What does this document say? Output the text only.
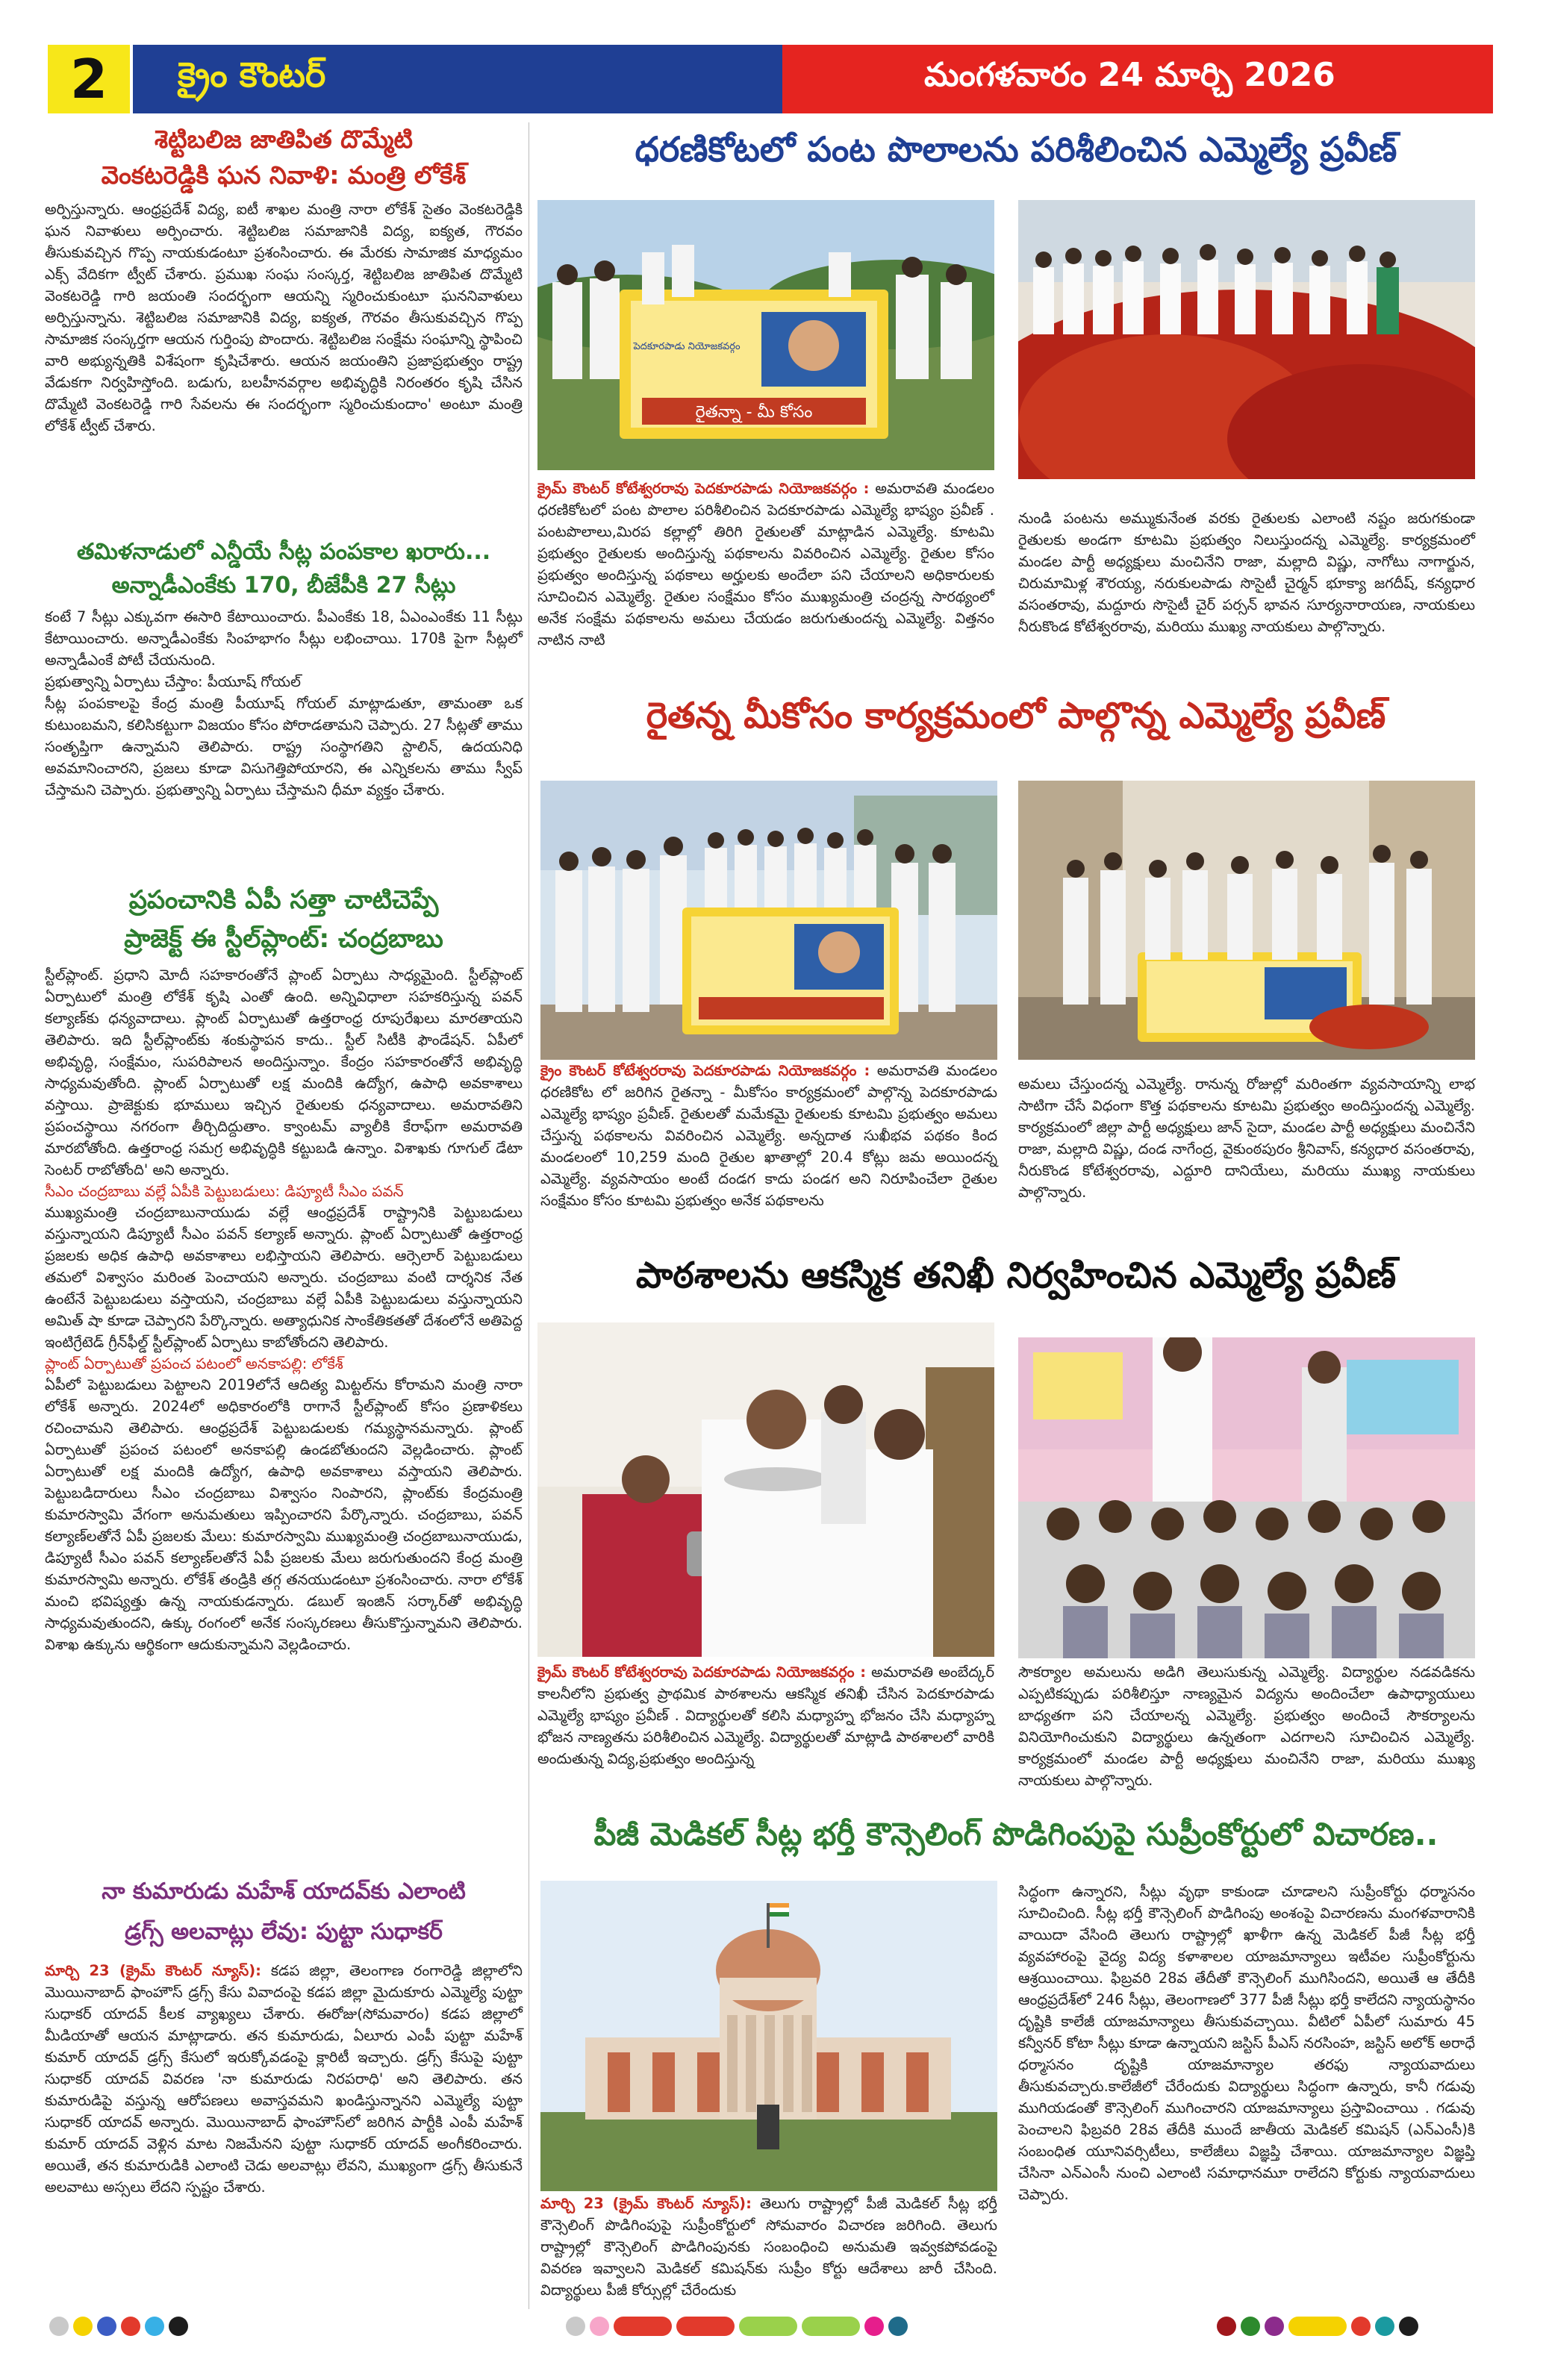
2	క్రైం కౌంటర్	మంగళవారం 24 మార్చి 2026
శెట్టిబలిజ జాతిపిత దొమ్మేటి
వెంకటరెడ్డికి ఘన నివాళి: మంత్రి లోకేశ్
అర్పిస్తున్నారు. ఆంధ్రప్రదేశ్ విద్య, ఐటీ శాఖల మంత్రి నారా లోకేశ్ సైతం వెంకటరెడ్డికి ఘన నివాళులు అర్పించారు. శెట్టిబలిజ సమాజానికి విద్య, ఐక్యత, గౌరవం తీసుకువచ్చిన గొప్ప నాయకుడంటూ ప్రశంసించారు. ఈ మేరకు సామాజిక మాధ్యమం ఎక్స్ వేదికగా ట్వీట్ చేశారు. ప్రముఖ సంఘ సంస్కర్త, శెట్టిబలిజ జాతిపిత దొమ్మేటి వెంకటరెడ్డి గారి జయంతి సందర్భంగా ఆయన్ని స్మరించుకుంటూ ఘననివాళులు అర్పిస్తున్నాను. శెట్టిబలిజ సమాజానికి విద్య, ఐక్యత, గౌరవం తీసుకువచ్చిన గొప్ప సామాజిక సంస్కర్తగా ఆయన గుర్తింపు పొందారు. శెట్టిబలిజ సంక్షేమ సంఘాన్ని స్థాపించి వారి అభ్యున్నతికి విశేషంగా కృషిచేశారు. ఆయన జయంతిని ప్రజాప్రభుత్వం రాష్ట్ర వేడుకగా నిర్వహిస్తోంది. బడుగు, బలహీనవర్గాల అభివృద్ధికి నిరంతరం కృషి చేసిన దొమ్మేటి వెంకటరెడ్డి గారి సేవలను ఈ సందర్భంగా స్మరించుకుందాం' అంటూ మంత్రి లోకేశ్ ట్వీట్ చేశారు.
తమిళనాడులో ఎన్డీయే సీట్ల పంపకాల ఖరారు...
అన్నాడీఎంకేకు 170, బీజేపీకి 27 సీట్లు
కంటే 7 సీట్లు ఎక్కువగా ఈసారి కేటాయించారు. పీఎంకేకు 18, ఏఎంఎంకేకు 11 సీట్లు కేటాయించారు. అన్నాడీఎంకేకు సింహభాగం సీట్లు లభించాయి. 170కి పైగా సీట్లలో అన్నాడీఎంకే పోటీ చేయనుంది.
ప్రభుత్వాన్ని ఏర్పాటు చేస్తాం: పీయూష్ గోయల్
సీట్ల పంపకాలపై కేంద్ర మంత్రి పీయూష్ గోయల్ మాట్లాడుతూ, తామంతా ఒక కుటుంబమని, కలిసికట్టుగా విజయం కోసం పోరాడతామని చెప్పారు. 27 సీట్లతో తాము సంతృప్తిగా ఉన్నామని తెలిపారు. రాష్ట్ర సంస్థాగతిని స్టాలిన్, ఉదయనిధి అవమానించారని, ప్రజలు కూడా విసుగెత్తిపోయారని, ఈ ఎన్నికలను తాము స్వీప్ చేస్తామని చెప్పారు. ప్రభుత్వాన్ని ఏర్పాటు చేస్తామని ధీమా వ్యక్తం చేశారు.
ప్రపంచానికి ఏపీ సత్తా చాటిచెప్పే
ప్రాజెక్ట్ ఈ స్టీల్‌ప్లాంట్: చంద్రబాబు
స్టీల్‌ప్లాంట్. ప్రధాని మోదీ సహకారంతోనే ప్లాంట్ ఏర్పాటు సాధ్యమైంది. స్టీల్‌ప్లాంట్ ఏర్పాటులో మంత్రి లోకేశ్ కృషి ఎంతో ఉంది. అన్నివిధాలా సహకరిస్తున్న పవన్ కల్యాణ్‌కు ధన్యవాదాలు. ప్లాంట్ ఏర్పాటుతో ఉత్తరాంధ్ర రూపురేఖలు మారతాయని తెలిపారు. ఇది స్టీల్‌ప్లాంట్‌కు శంకుస్థాపన కాదు.. స్టీల్ సిటీకి ఫౌండేషన్. ఏపీలో అభివృద్ధి, సంక్షేమం, సుపరిపాలన అందిస్తున్నాం. కేంద్రం సహకారంతోనే అభివృద్ధి సాధ్యమవుతోంది. ప్లాంట్ ఏర్పాటుతో లక్ష మందికి ఉద్యోగ, ఉపాధి అవకాశాలు వస్తాయి. ప్రాజెక్టుకు భూములు ఇచ్చిన రైతులకు ధన్యవాదాలు. అమరావతిని ప్రపంచస్థాయి నగరంగా తీర్చిదిద్దుతాం. క్వాంటమ్ వ్యాలీకి కేరాఫ్‌గా అమరావతి మారబోతోంది. ఉత్తరాంధ్ర సమగ్ర అభివృద్ధికి కట్టుబడి ఉన్నాం. విశాఖకు గూగుల్ డేటా సెంటర్ రాబోతోంది' అని అన్నారు.
సీఎం చంద్రబాబు వల్లే ఏపీకి పెట్టుబడులు: డిప్యూటీ సీఎం పవన్
ముఖ్యమంత్రి చంద్రబాబునాయుడు వల్లే ఆంధ్రప్రదేశ్ రాష్ట్రానికి పెట్టుబడులు వస్తున్నాయని డిప్యూటీ సీఎం పవన్ కల్యాణ్ అన్నారు. ప్లాంట్ ఏర్పాటుతో ఉత్తరాంధ్ర ప్రజలకు అధిక ఉపాధి అవకాశాలు లభిస్తాయని తెలిపారు. ఆర్సెలార్ పెట్టుబడులు తమలో విశ్వాసం మరింత పెంచాయని అన్నారు. చంద్రబాబు వంటి దార్శనిక నేత ఉంటేనే పెట్టుబడులు వస్తాయని, చంద్రబాబు వల్లే ఏపీకి పెట్టుబడులు వస్తున్నాయని అమిత్ షా కూడా చెప్పారని పేర్కొన్నారు. అత్యాధునిక సాంకేతికతతో దేశంలోనే అతిపెద్ద ఇంటిగ్రేటెడ్ గ్రీన్‌ఫీల్డ్ స్టీల్‌ప్లాంట్ ఏర్పాటు కాబోతోందని తెలిపారు.
ప్లాంట్ ఏర్పాటుతో ప్రపంచ పటంలో అనకాపల్లి: లోకేశ్
ఏపీలో పెట్టుబడులు పెట్టాలని 2019లోనే ఆదిత్య మిట్టల్‌ను కోరామని మంత్రి నారా లోకేశ్ అన్నారు. 2024లో అధికారంలోకి రాగానే స్టీల్‌ప్లాంట్ కోసం ప్రణాళికలు రచించామని తెలిపారు. ఆంధ్రప్రదేశ్ పెట్టుబడులకు గమ్యస్థానమన్నారు. ప్లాంట్ ఏర్పాటుతో ప్రపంచ పటంలో అనకాపల్లి ఉండబోతుందని వెల్లడించారు. ప్లాంట్ ఏర్పాటుతో లక్ష మందికి ఉద్యోగ, ఉపాధి అవకాశాలు వస్తాయని తెలిపారు. పెట్టుబడిదారులు సీఎం చంద్రబాబు విశ్వాసం నింపారని, ప్లాంట్‌కు కేంద్రమంత్రి కుమారస్వామి వేగంగా అనుమతులు ఇప్పించారని పేర్కొన్నారు. చంద్రబాబు, పవన్ కల్యాణ్‌లతోనే ఏపీ ప్రజలకు మేలు: కుమారస్వామి ముఖ్యమంత్రి చంద్రబాబునాయుడు, డిప్యూటీ సీఎం పవన్ కల్యాణ్‌లతోనే ఏపీ ప్రజలకు మేలు జరుగుతుందని కేంద్ర మంత్రి కుమారస్వామి అన్నారు. లోకేశ్ తండ్రికి తగ్గ తనయుడంటూ ప్రశంసించారు. నారా లోకేశ్ మంచి భవిష్యత్తు ఉన్న నాయకుడన్నారు. డబుల్ ఇంజిన్ సర్కార్‌తో అభివృద్ధి సాధ్యమవుతుందని, ఉక్కు రంగంలో అనేక సంస్కరణలు తీసుకొస్తున్నామని తెలిపారు. విశాఖ ఉక్కును ఆర్థికంగా ఆదుకున్నామని వెల్లడించారు.
నా కుమారుడు మహేశ్ యాదవ్‌కు ఎలాంటి
డ్రగ్స్ అలవాట్లు లేవు: పుట్టా సుధాకర్
మార్చి 23 (క్రైమ్ కౌంటర్ న్యూస్): కడప జిల్లా, తెలంగాణ రంగారెడ్డి జిల్లాలోని మొయినాబాద్ ఫాంహౌస్ డ్రగ్స్ కేసు వివాదంపై కడప జిల్లా మైదుకూరు ఎమ్మెల్యే పుట్టా సుధాకర్ యాదవ్ కీలక వ్యాఖ్యలు చేశారు. ఈరోజు(సోమవారం) కడప జిల్లాలో మీడియాతో ఆయన మాట్లాడారు. తన కుమారుడు, ఏలూరు ఎంపీ పుట్టా మహేశ్ కుమార్ యాదవ్ డ్రగ్స్ కేసులో ఇరుక్కోవడంపై క్లారిటీ ఇచ్చారు. డ్రగ్స్ కేసుపై పుట్టా సుధాకర్ యాదవ్ వివరణ 'నా కుమారుడు నిరపరాధి' అని తెలిపారు. తన కుమారుడిపై వస్తున్న ఆరోపణలు అవాస్తవమని ఖండిస్తున్నానని ఎమ్మెల్యే పుట్టా సుధాకర్ యాదవ్ అన్నారు. మొయినాబాద్ ఫాంహౌస్‌లో జరిగిన పార్టీకి ఎంపీ మహేశ్ కుమార్ యాదవ్ వెళ్లిన మాట నిజమేనని పుట్టా సుధాకర్ యాదవ్ అంగీకరించారు. అయితే, తన కుమారుడికి ఎలాంటి చెడు అలవాట్లు లేవని, ముఖ్యంగా డ్రగ్స్ తీసుకునే అలవాటు అస్సలు లేదని స్పష్టం చేశారు.
ధరణికోటలో పంట పొలాలను పరిశీలించిన ఎమ్మెల్యే ప్రవీణ్
రైతన్నా - మీ కోసం
పెదకూరపాడు నియోజకవర్గం
క్రైమ్ కౌంటర్ కోటేశ్వరరావు పెదకూరపాడు నియోజకవర్గం : అమరావతి మండలం ధరణికోటలో పంట పొలాల పరిశీలించిన పెదకూరపాడు ఎమ్మెల్యే భాష్యం ప్రవీణ్ . పంటపొలాలు,మిరప కల్లాల్లో తిరిగి రైతులతో మాట్లాడిన ఎమ్మెల్యే. కూటమి ప్రభుత్వం రైతులకు అందిస్తున్న పథకాలను వివరించిన ఎమ్మెల్యే. రైతుల కోసం ప్రభుత్వం అందిస్తున్న పథకాలు అర్హులకు అందేలా పని చేయాలని అధికారులకు సూచించిన ఎమ్మెల్యే. రైతుల సంక్షేమం కోసం ముఖ్యమంత్రి చంద్రన్న సారథ్యంలో అనేక సంక్షేమ పథకాలను అమలు చేయడం జరుగుతుందన్న ఎమ్మెల్యే. విత్తనం నాటిన నాటి
నుండి పంటను అమ్ముకునేంత వరకు రైతులకు ఎలాంటి నష్టం జరుగకుండా రైతులకు అండగా కూటమి ప్రభుత్వం నిలుస్తుందన్న ఎమ్మెల్యే. కార్యక్రమంలో మండల పార్టీ అధ్యక్షులు మంచినేని రాజా, మల్లాది విష్ణు, నాగోటు నాగార్జున, చిరుమామిళ్ల శౌరయ్య, నరుకులపాడు సొసైటీ చైర్మన్ భూక్యా జగదీష్, కన్యధార వసంతరావు, మద్దూరు సొసైటీ చైర్ పర్సన్ భావన సూర్యనారాయణ, నాయకులు నీరుకొండ కోటేశ్వరరావు, మరియు ముఖ్య నాయకులు పాల్గొన్నారు.
రైతన్న మీకోసం కార్యక్రమంలో పాల్గొన్న ఎమ్మెల్యే ప్రవీణ్
క్రైం కౌంటర్ కోటేశ్వరరావు పెదకూరపాడు నియోజకవర్గం : అమరావతి మండలం ధరణికోట లో జరిగిన రైతన్నా - మీకోసం కార్యక్రమంలో పాల్గొన్న పెదకూరపాడు ఎమ్మెల్యే భాష్యం ప్రవీణ్. రైతులతో మమేకమై రైతులకు కూటమి ప్రభుత్వం అమలు చేస్తున్న పథకాలను వివరించిన ఎమ్మెల్యే. అన్నదాత సుఖీభవ పథకం కింద మండలంలో 10,259 మంది రైతుల ఖాతాల్లో 20.4 కోట్లు జమ అయిందన్న ఎమ్మెల్యే. వ్యవసాయం అంటే దండగ కాదు పండగ అని నిరూపించేలా రైతుల సంక్షేమం కోసం కూటమి ప్రభుత్వం అనేక పథకాలను
అమలు చేస్తుందన్న ఎమ్మెల్యే. రానున్న రోజుల్లో మరింతగా వ్యవసాయాన్ని లాభ సాటిగా చేసే విధంగా కొత్త పథకాలను కూటమి ప్రభుత్వం అందిస్తుందన్న ఎమ్మెల్యే. కార్యక్రమంలో జిల్లా పార్టీ అధ్యక్షులు జాన్ సైదా, మండల పార్టీ అధ్యక్షులు మంచినేని రాజా, మల్లాది విష్ణు, దండ నాగేంద్ర, వైకుంఠపురం శ్రీనివాస్, కన్యధార వసంతరావు, నీరుకొండ కోటేశ్వరరావు, ఎద్దూరి దానియేలు, మరియు ముఖ్య నాయకులు పాల్గొన్నారు.
పాఠశాలను ఆకస్మిక తనిఖీ నిర్వహించిన ఎమ్మెల్యే ప్రవీణ్
క్రైమ్ కౌంటర్ కోటేశ్వరరావు పెదకూరపాడు నియోజకవర్గం : అమరావతి అంబేద్కర్ కాలనీలోని ప్రభుత్వ ప్రాథమిక పాఠశాలను ఆకస్మిక తనిఖీ చేసిన పెదకూరపాడు ఎమ్మెల్యే భాష్యం ప్రవీణ్ . విద్యార్థులతో కలిసి మధ్యాహ్న భోజనం చేసి మధ్యాహ్న భోజన నాణ్యతను పరిశీలించిన ఎమ్మెల్యే. విద్యార్థులతో మాట్లాడి పాఠశాలలో వారికి అందుతున్న విద్య,ప్రభుత్వం అందిస్తున్న
సౌకర్యాల అమలును అడిగి తెలుసుకున్న ఎమ్మెల్యే. విద్యార్థుల నడవడికను ఎప్పటికప్పుడు పరిశీలిస్తూ నాణ్యమైన విద్యను అందించేలా ఉపాధ్యాయులు బాధ్యతగా పని చేయాలన్న ఎమ్మెల్యే. ప్రభుత్వం అందించే సౌకర్యాలను వినియోగించుకుని విద్యార్థులు ఉన్నతంగా ఎదగాలని సూచించిన ఎమ్మెల్యే. కార్యక్రమంలో మండల పార్టీ అధ్యక్షులు మంచినేని రాజా, మరియు ముఖ్య నాయకులు పాల్గొన్నారు.
పీజీ మెడికల్ సీట్ల భర్తీ కౌన్సెలింగ్ పొడిగింపుపై సుప్రీంకోర్టులో విచారణ..
మార్చి 23 (క్రైమ్ కౌంటర్ న్యూస్): తెలుగు రాష్ట్రాల్లో పీజీ మెడికల్ సీట్ల భర్తీ కౌన్సెలింగ్ పొడిగింపుపై సుప్రీంకోర్టులో సోమవారం విచారణ జరిగింది. తెలుగు రాష్ట్రాల్లో కౌన్సెలింగ్ పొడిగింపునకు సంబంధించి అనుమతి ఇవ్వకపోవడంపై వివరణ ఇవ్వాలని మెడికల్ కమిషన్‌కు సుప్రీం కోర్టు ఆదేశాలు జారీ చేసింది. విద్యార్థులు పీజీ కోర్సుల్లో చేరేందుకు
సిద్ధంగా ఉన్నారని, సీట్లు వృథా కాకుండా చూడాలని సుప్రీంకోర్టు ధర్మాసనం సూచించింది. సీట్ల భర్తీ కౌన్సెలింగ్ పొడిగింపు అంశంపై విచారణను మంగళవారానికి వాయిదా వేసింది తెలుగు రాష్ట్రాల్లో ఖాళీగా ఉన్న మెడికల్ పీజీ సీట్ల భర్తీ వ్యవహారంపై వైద్య విద్య కళాశాలల యాజమాన్యాలు ఇటీవల సుప్రీంకోర్టును ఆశ్రయించాయి. ఫిబ్రవరి 28వ తేదీతో కౌన్సెలింగ్ ముగిసిందని, అయితే ఆ తేదీకి ఆంధ్రప్రదేశ్‌లో 246 సీట్లు, తెలంగాణలో 377 పీజీ సీట్లు భర్తీ కాలేదని న్యాయస్థానం దృష్టికి కాలేజీ యాజమాన్యాలు తీసుకువచ్చాయి. వీటిలో ఏపీలో సుమారు 45 కన్వీనర్ కోటా సీట్లు కూడా ఉన్నాయని జస్టిస్ పీఎస్ నరసింహ, జస్టిస్ అలోక్ అరాధే ధర్మాసనం దృష్టికి యాజమాన్యాల తరఫు న్యాయవాదులు తీసుకువచ్చారు.కాలేజీలో చేరేందుకు విద్యార్థులు సిద్ధంగా ఉన్నారు, కానీ గడువు ముగియడంతో కౌన్సెలింగ్ ముగించారని యాజమాన్యాలు ప్రస్తావించాయి . గడువు పెంచాలని ఫిబ్రవరి 28వ తేదీకి ముందే జాతీయ మెడికల్ కమిషన్ (ఎన్ఎంసీ)కి సంబంధిత యూనివర్సిటీలు, కాలేజీలు విజ్ఞప్తి చేశాయి. యాజమాన్యాల విజ్ఞప్తి చేసినా ఎన్ఎంసీ నుంచి ఎలాంటి సమాధానమూ రాలేదని కోర్టుకు న్యాయవాదులు చెప్పారు.
